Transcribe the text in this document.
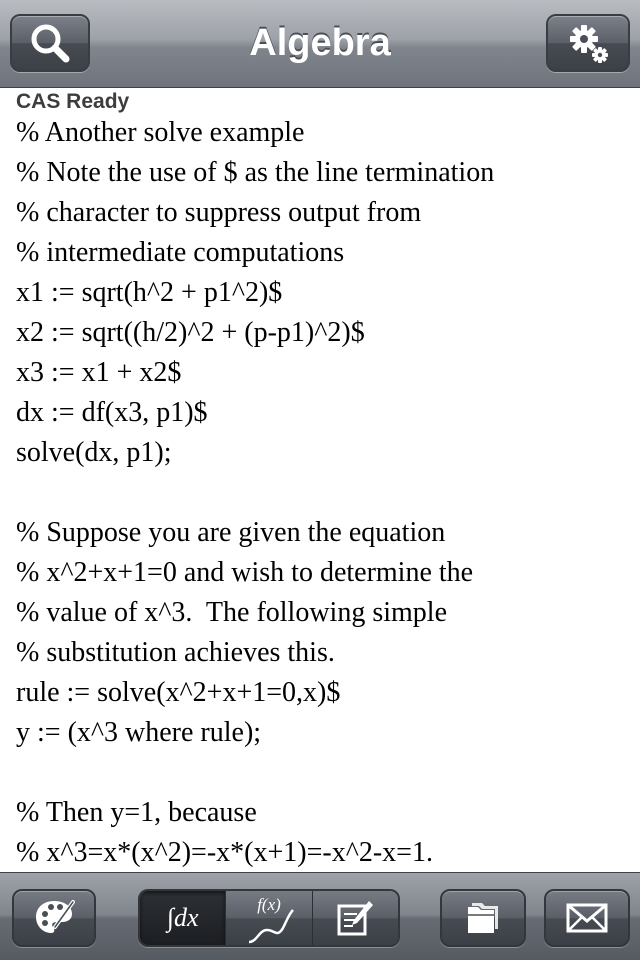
Algebra
CAS Ready
% Another solve example
% Note the use of $ as the line termination
% character to suppress output from
% intermediate computations
x1 := sqrt(h^2 + p1^2)$
x2 := sqrt((h/2)^2 + (p-p1)^2)$
x3 := x1 + x2$
dx := df(x3, p1)$
solve(dx, p1);
% Suppose you are given the equation
% x^2+x+1=0 and wish to determine the
% value of x^3.  The following simple
% substitution achieves this.
rule := solve(x^2+x+1=0,x)$
y := (x^3 where rule);
% Then y=1, because
% x^3=x*(x^2)=-x*(x+1)=-x^2-x=1.
∫dx	f(x)
